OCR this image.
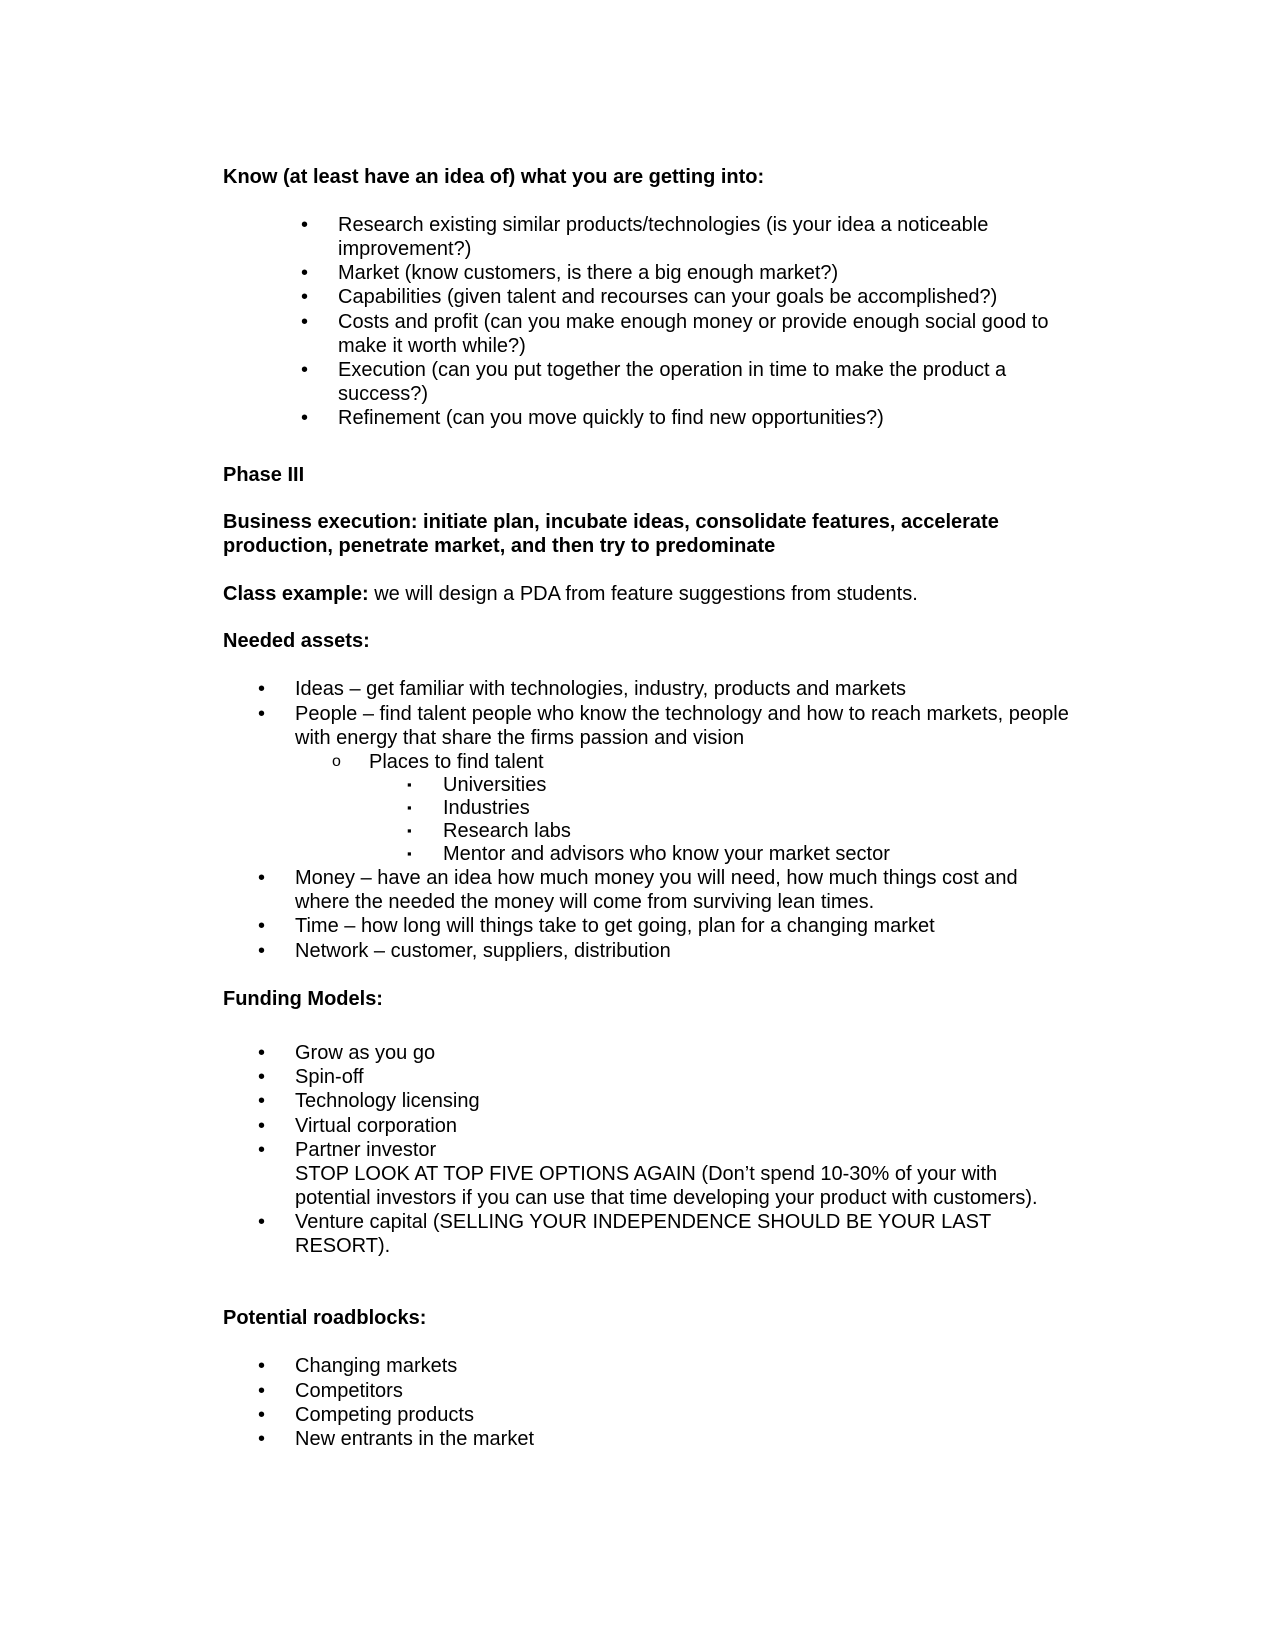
Know (at least have an idea of) what you are getting into:

• Research existing similar products/technologies (is your idea a noticeable improvement?)
• Market (know customers, is there a big enough market?)
• Capabilities (given talent and recourses can your goals be accomplished?)
• Costs and profit (can you make enough money or provide enough social good to make it worth while?)
• Execution (can you put together the operation in time to make the product a success?)
• Refinement (can you move quickly to find new opportunities?)

Phase III

Business execution: initiate plan, incubate ideas, consolidate features, accelerate production, penetrate market, and then try to predominate

Class example: we will design a PDA from feature suggestions from students.

Needed assets:

• Ideas – get familiar with technologies, industry, products and markets
• People – find talent people who know the technology and how to reach markets, people with energy that share the firms passion and vision
o Places to find talent
▪ Universities
▪ Industries
▪ Research labs
▪ Mentor and advisors who know your market sector
• Money – have an idea how much money you will need, how much things cost and where the needed the money will come from surviving lean times.
• Time – how long will things take to get going, plan for a changing market
• Network – customer, suppliers, distribution

Funding Models:

• Grow as you go
• Spin-off
• Technology licensing
• Virtual corporation
• Partner investor
STOP LOOK AT TOP FIVE OPTIONS AGAIN (Don’t spend 10-30% of your with potential investors if you can use that time developing your product with customers).
• Venture capital (SELLING YOUR INDEPENDENCE SHOULD BE YOUR LAST RESORT).

Potential roadblocks:

• Changing markets
• Competitors
• Competing products
• New entrants in the market
